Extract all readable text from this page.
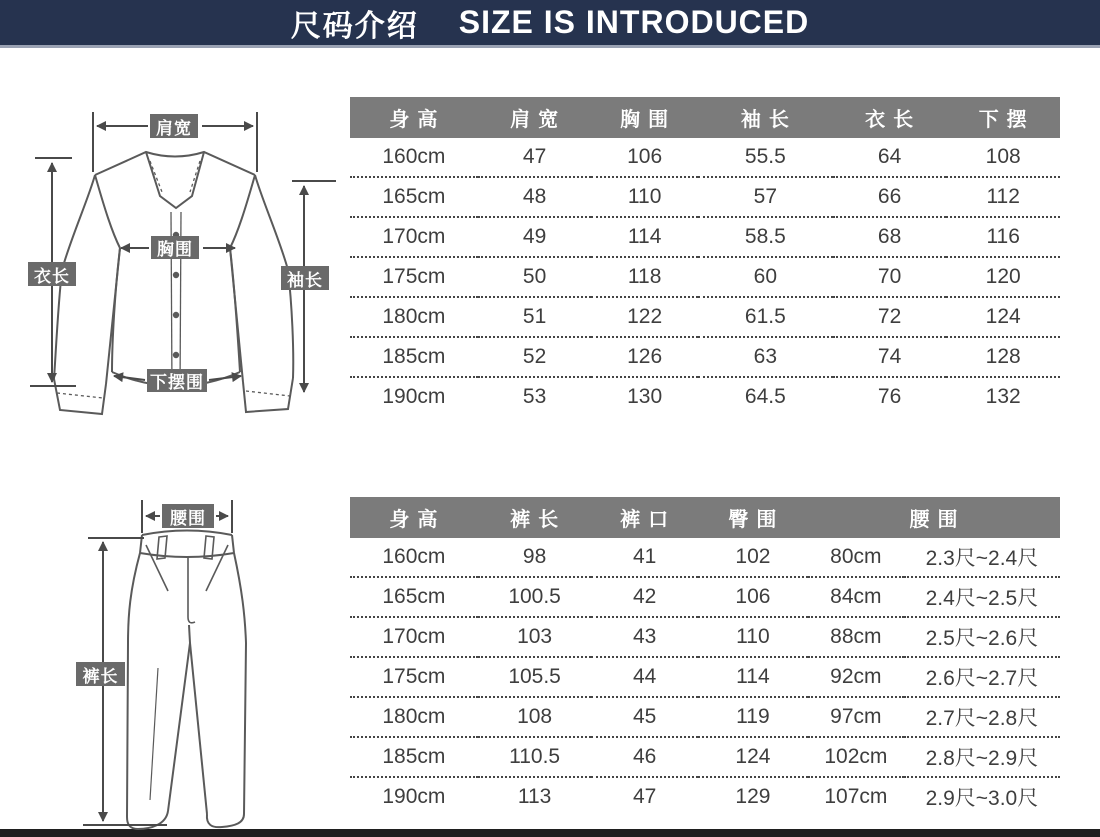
尺码介绍 SIZE IS INTRODUCED
肩宽
胸围
衣长	袖长
下摆围
腰围
裤长
身高	肩宽	胸围	袖长	衣长	下摆
160cm	47	106	55.5	64	108
165cm	48	110	57	66	112
170cm	49	114	58.5	68	116
175cm	50	118	60	70	120
180cm	51	122	61.5	72	124
185cm	52	126	63	74	128
190cm	53	130	64.5	76	132
身高	裤长	裤口	臀围	腰围	
160cm	98	41	102	80cm	2.3尺~2.4尺
165cm	100.5	42	106	84cm	2.4尺~2.5尺
170cm	103	43	110	88cm	2.5尺~2.6尺
175cm	105.5	44	114	92cm	2.6尺~2.7尺
180cm	108	45	119	97cm	2.7尺~2.8尺
185cm	110.5	46	124	102cm	2.8尺~2.9尺
190cm	113	47	129	107cm	2.9尺~3.0尺
